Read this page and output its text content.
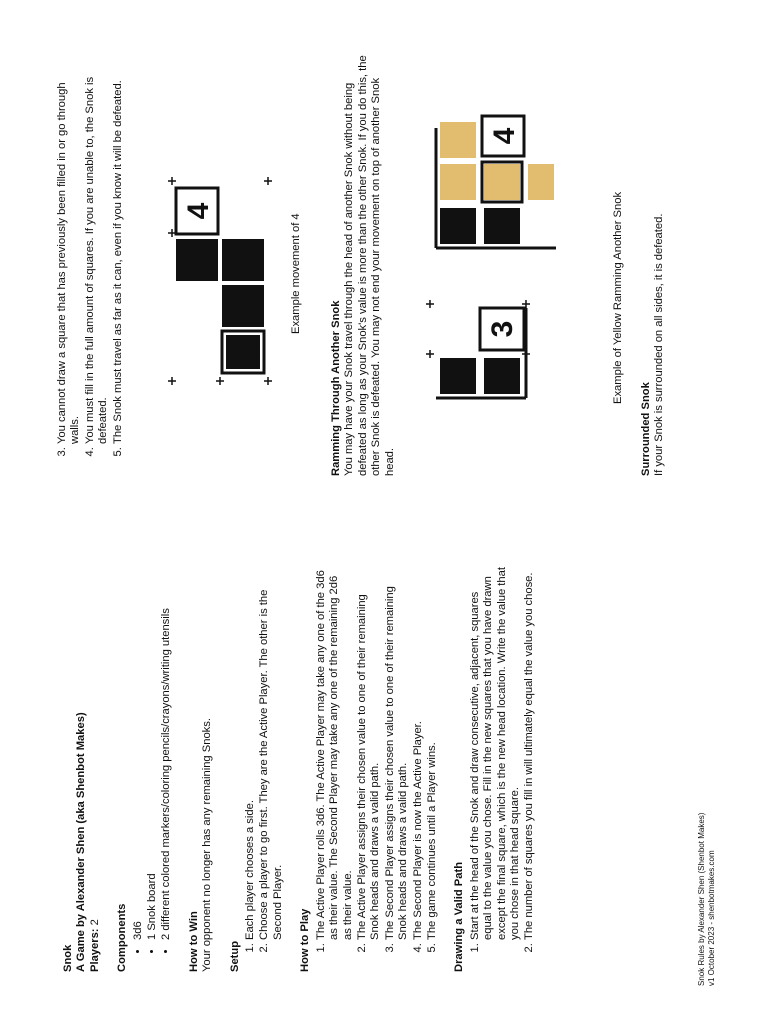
Snok A Game by Alexander Shen (aka Shenbot Makes) Players: 2 Components • 3d6 • 1 Snok board • 2 different colored markers/coloring pencils/crayons/writing utensils
How to Win Your opponent no longer has any remaining Snoks. Setup
1. Each player chooses a side. 2. Choose a player to go first. They are the Active Player. The other is the Second Player.
How to Play
1. The Active Player rolls 3d6. The Active Player may take any one of the 3d6 as their value. The Second Player may take any one of the remaining 2d6 as their value. 2. The Active Player assigns their chosen value to one of their remaining Snok heads and draws a valid path. 3. The Second Player assigns their chosen value to one of their remaining Snok heads and draws a valid path. 4. The Second Player is now the Active Player. 5. The game continues until a Player wins. Drawing a Valid Path 1. Start at the head of the Snok and draw consecutive, adjacent, squares equal to the value you chose. Fill in the new squares that you have drawn except the final square, which is the new head location. Write the value that you chose in that head square. 2. The number of squares you fill in will ultimately equal the value you chose.	Snok Rules by Alexander Shen (Shenbot Makes) v1 October 2023 - shenbotmakes.com
3. You cannot draw a square that has previously been filled in or go through walls. 4. You must fill in the full amount of squares. If you are unable to, the Snok is defeated. 5. The Snok must travel as far as it can, even if you know it will be defeated. 4
Example movement of 4
Ramming Through Another Snok You may have your Snok travel through the head of another Snok without being defeated as long as your Snok's value is more than the other Snok. If you do this, the other Snok is defeated. You may not end your movement on top of another Snok head.

3
4
Example of Yellow Ramming Another Snok
Surrounded Snok If your Snok is surrounded on all sides, it is defeated.
